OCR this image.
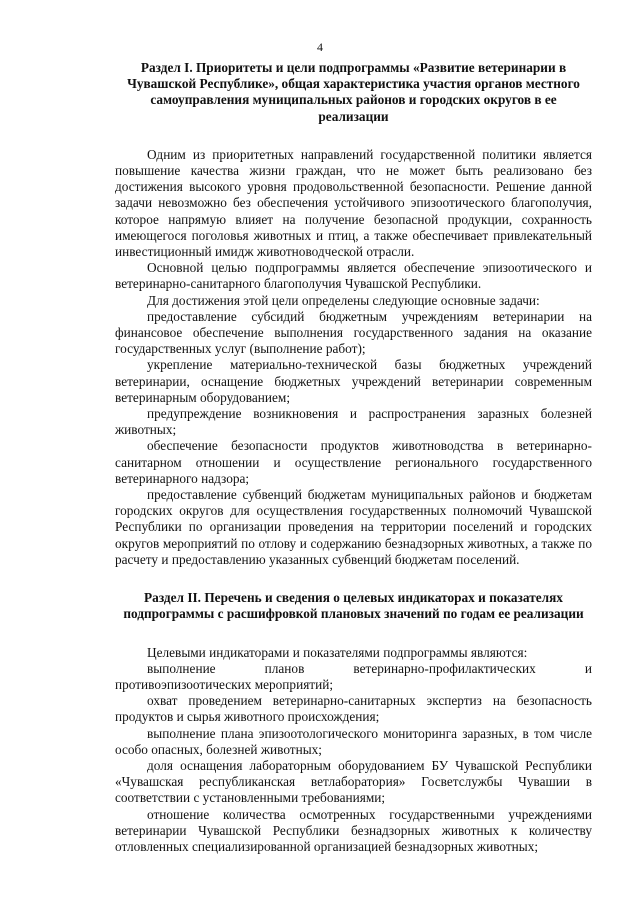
4
Раздел I. Приоритеты и цели подпрограммы «Развитие ветеринарии в Чувашской Республике», общая характеристика участия органов местного самоуправления муниципальных районов и городских округов в ее реализации

Одним из приоритетных направлений государственной политики является повышение качества жизни граждан, что не может быть реализовано без достижения высокого уровня продовольственной безопасности. Решение данной задачи невозможно без обеспечения устойчивого эпизоотического благополучия, которое напрямую влияет на получение безопасной продукции, сохранность имеющегося поголовья животных и птиц, а также обеспечивает привлекательный инвестиционный имидж животноводческой отрасли.

Основной целью подпрограммы является обеспечение эпизоотического и ветеринарно-санитарного благополучия Чувашской Республики.

Для достижения этой цели определены следующие основные задачи:

предоставление субсидий бюджетным учреждениям ветеринарии на финансовое обеспечение выполнения государственного задания на оказание государственных услуг (выполнение работ);

укрепление материально-технической базы бюджетных учреждений ветеринарии, оснащение бюджетных учреждений ветеринарии современным ветеринарным оборудованием;

предупреждение возникновения и распространения заразных болезней животных;

обеспечение безопасности продуктов животноводства в ветеринарно-санитарном отношении и осуществление регионального государственного ветеринарного надзора;

предоставление субвенций бюджетам муниципальных районов и бюджетам городских округов для осуществления государственных полномочий Чувашской Республики по организации проведения на территории поселений и городских округов мероприятий по отлову и содержанию безнадзорных животных, а также по расчету и предоставлению указанных субвенций бюджетам поселений.

Раздел II. Перечень и сведения о целевых индикаторах и показателях подпрограммы с расшифровкой плановых значений по годам ее реализации

Целевыми индикаторами и показателями подпрограммы являются:

выполнение планов ветеринарно-профилактических и противоэпизоотических мероприятий;

охват проведением ветеринарно-санитарных экспертиз на безопасность продуктов и сырья животного происхождения;

выполнение плана эпизоотологического мониторинга заразных, в том числе особо опасных, болезней животных;

доля оснащения лабораторным оборудованием БУ Чувашской Республики «Чувашская республиканская ветлаборатория» Госветслужбы Чувашии в соответствии с установленными требованиями;

отношение количества осмотренных государственными учреждениями ветеринарии Чувашской Республики безнадзорных животных к количеству отловленных специализированной организацией безнадзорных животных;
